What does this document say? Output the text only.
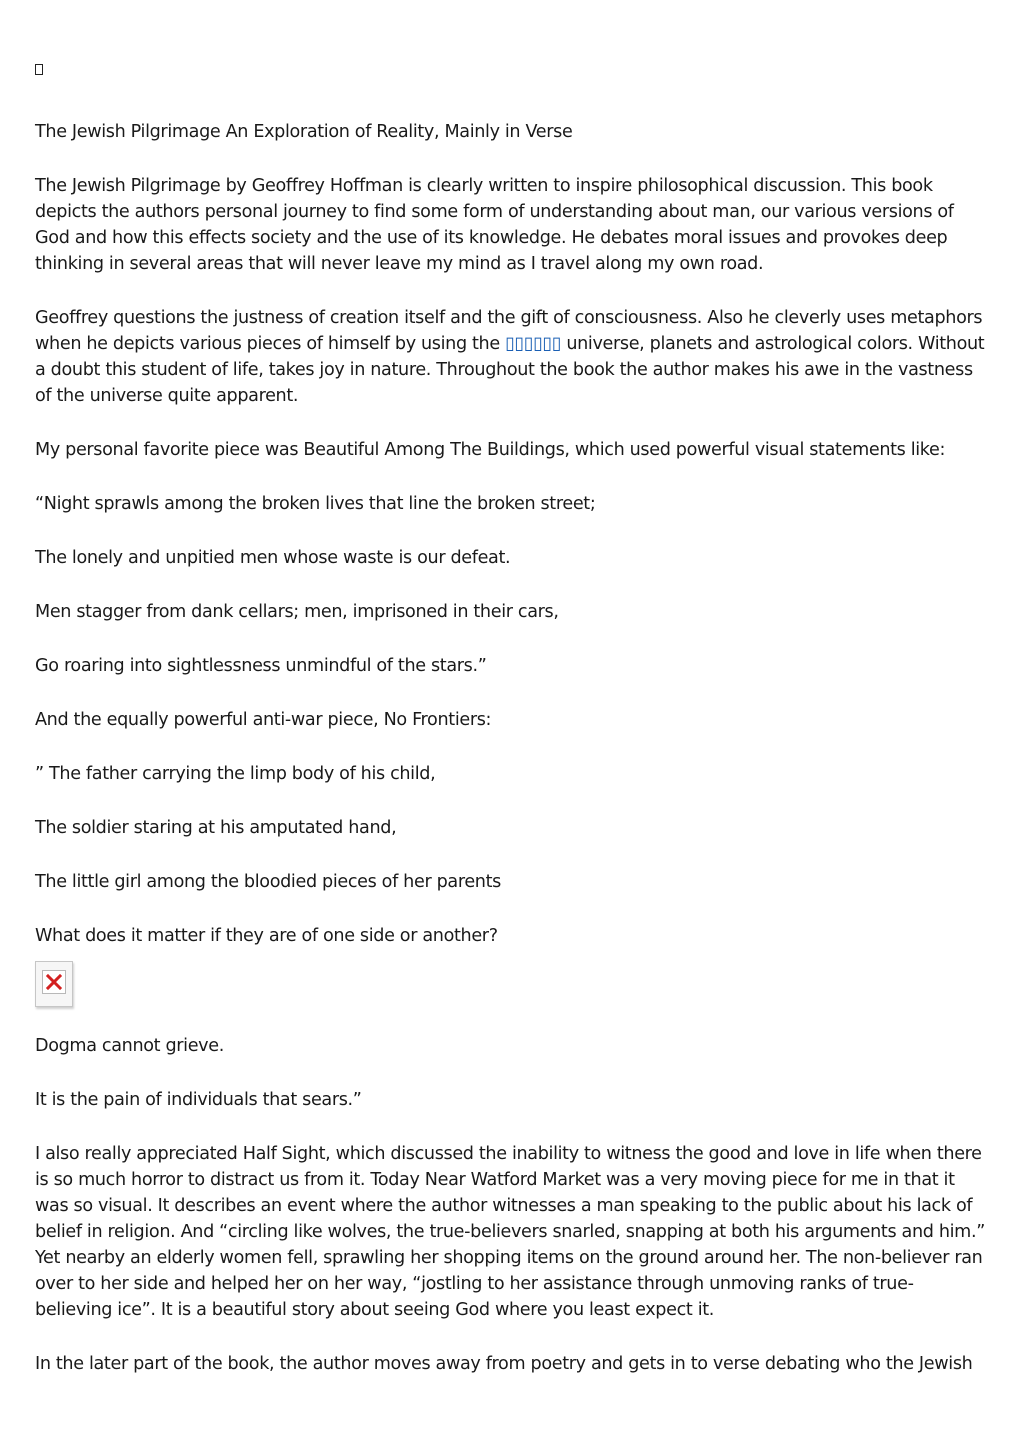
The Jewish Pilgrimage An Exploration of Reality, Mainly in Verse

The Jewish Pilgrimage by Geoffrey Hoffman is clearly written to inspire philosophical discussion. This book depicts the authors personal journey to find some form of understanding about man, our various versions of God and how this effects society and the use of its knowledge. He debates moral issues and provokes deep thinking in several areas that will never leave my mind as I travel along my own road.

Geoffrey questions the justness of creation itself and the gift of consciousness. Also he cleverly uses metaphors when he depicts various pieces of himself by using the ▯▯▯▯▯▯ universe, planets and astrological colors. Without a doubt this student of life, takes joy in nature. Throughout the book the author makes his awe in the vastness of the universe quite apparent.

My personal favorite piece was Beautiful Among The Buildings, which used powerful visual statements like:

“Night sprawls among the broken lives that line the broken street;

The lonely and unpitied men whose waste is our defeat.

Men stagger from dank cellars; men, imprisoned in their cars,

Go roaring into sightlessness unmindful of the stars.”

And the equally powerful anti-war piece, No Frontiers:

” The father carrying the limp body of his child,

The soldier staring at his amputated hand,

The little girl among the bloodied pieces of her parents

What does it matter if they are of one side or another?

Dogma cannot grieve.

It is the pain of individuals that sears.”

I also really appreciated Half Sight, which discussed the inability to witness the good and love in life when there is so much horror to distract us from it. Today Near Watford Market was a very moving piece for me in that it was so visual. It describes an event where the author witnesses a man speaking to the public about his lack of belief in religion. And “circling like wolves, the true-believers snarled, snapping at both his arguments and him.” Yet nearby an elderly women fell, sprawling her shopping items on the ground around her. The non-believer ran over to her side and helped her on her way, “jostling to her assistance through unmoving ranks of true-believing ice”. It is a beautiful story about seeing God where you least expect it.

In the later part of the book, the author moves away from poetry and gets in to verse debating who the Jewish
